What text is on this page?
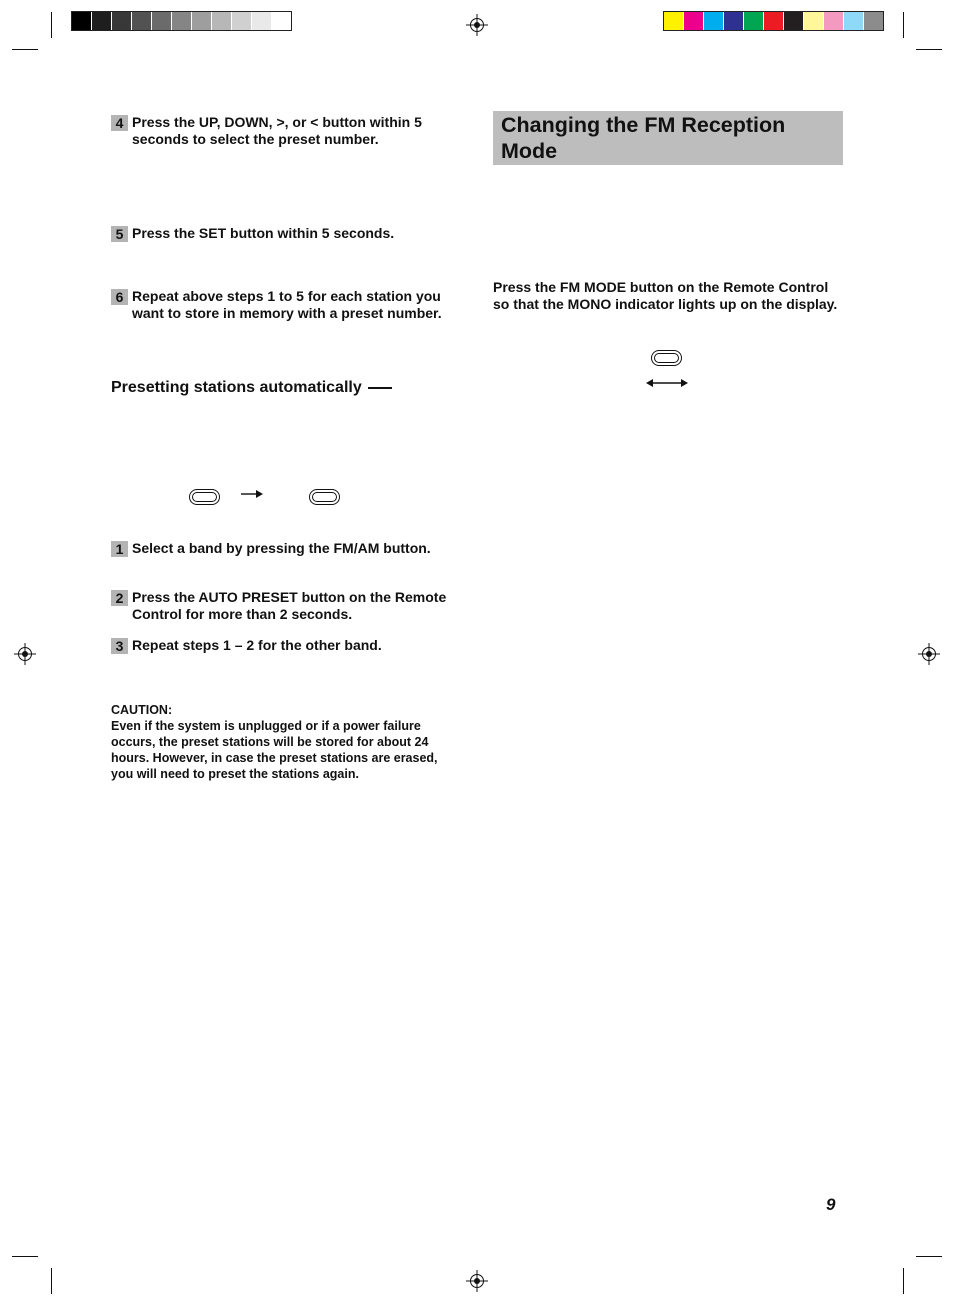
4 Press the UP, DOWN, >, or < button within 5 seconds to select the preset number.
5 Press the SET button within 5 seconds.
6 Repeat above steps 1 to 5 for each station you want to store in memory with a preset number.
Presetting stations automatically
1 Select a band by pressing the FM/AM button.
2 Press the AUTO PRESET button on the Remote Control for more than 2 seconds.
3 Repeat steps 1 – 2 for the other band.
CAUTION:
Even if the system is unplugged or if a power failure occurs, the preset stations will be stored for about 24 hours. However, in case the preset stations are erased, you will need to preset the stations again.
Changing the FM Reception Mode
Press the FM MODE button on the Remote Control so that the MONO indicator lights up on the display.
9
